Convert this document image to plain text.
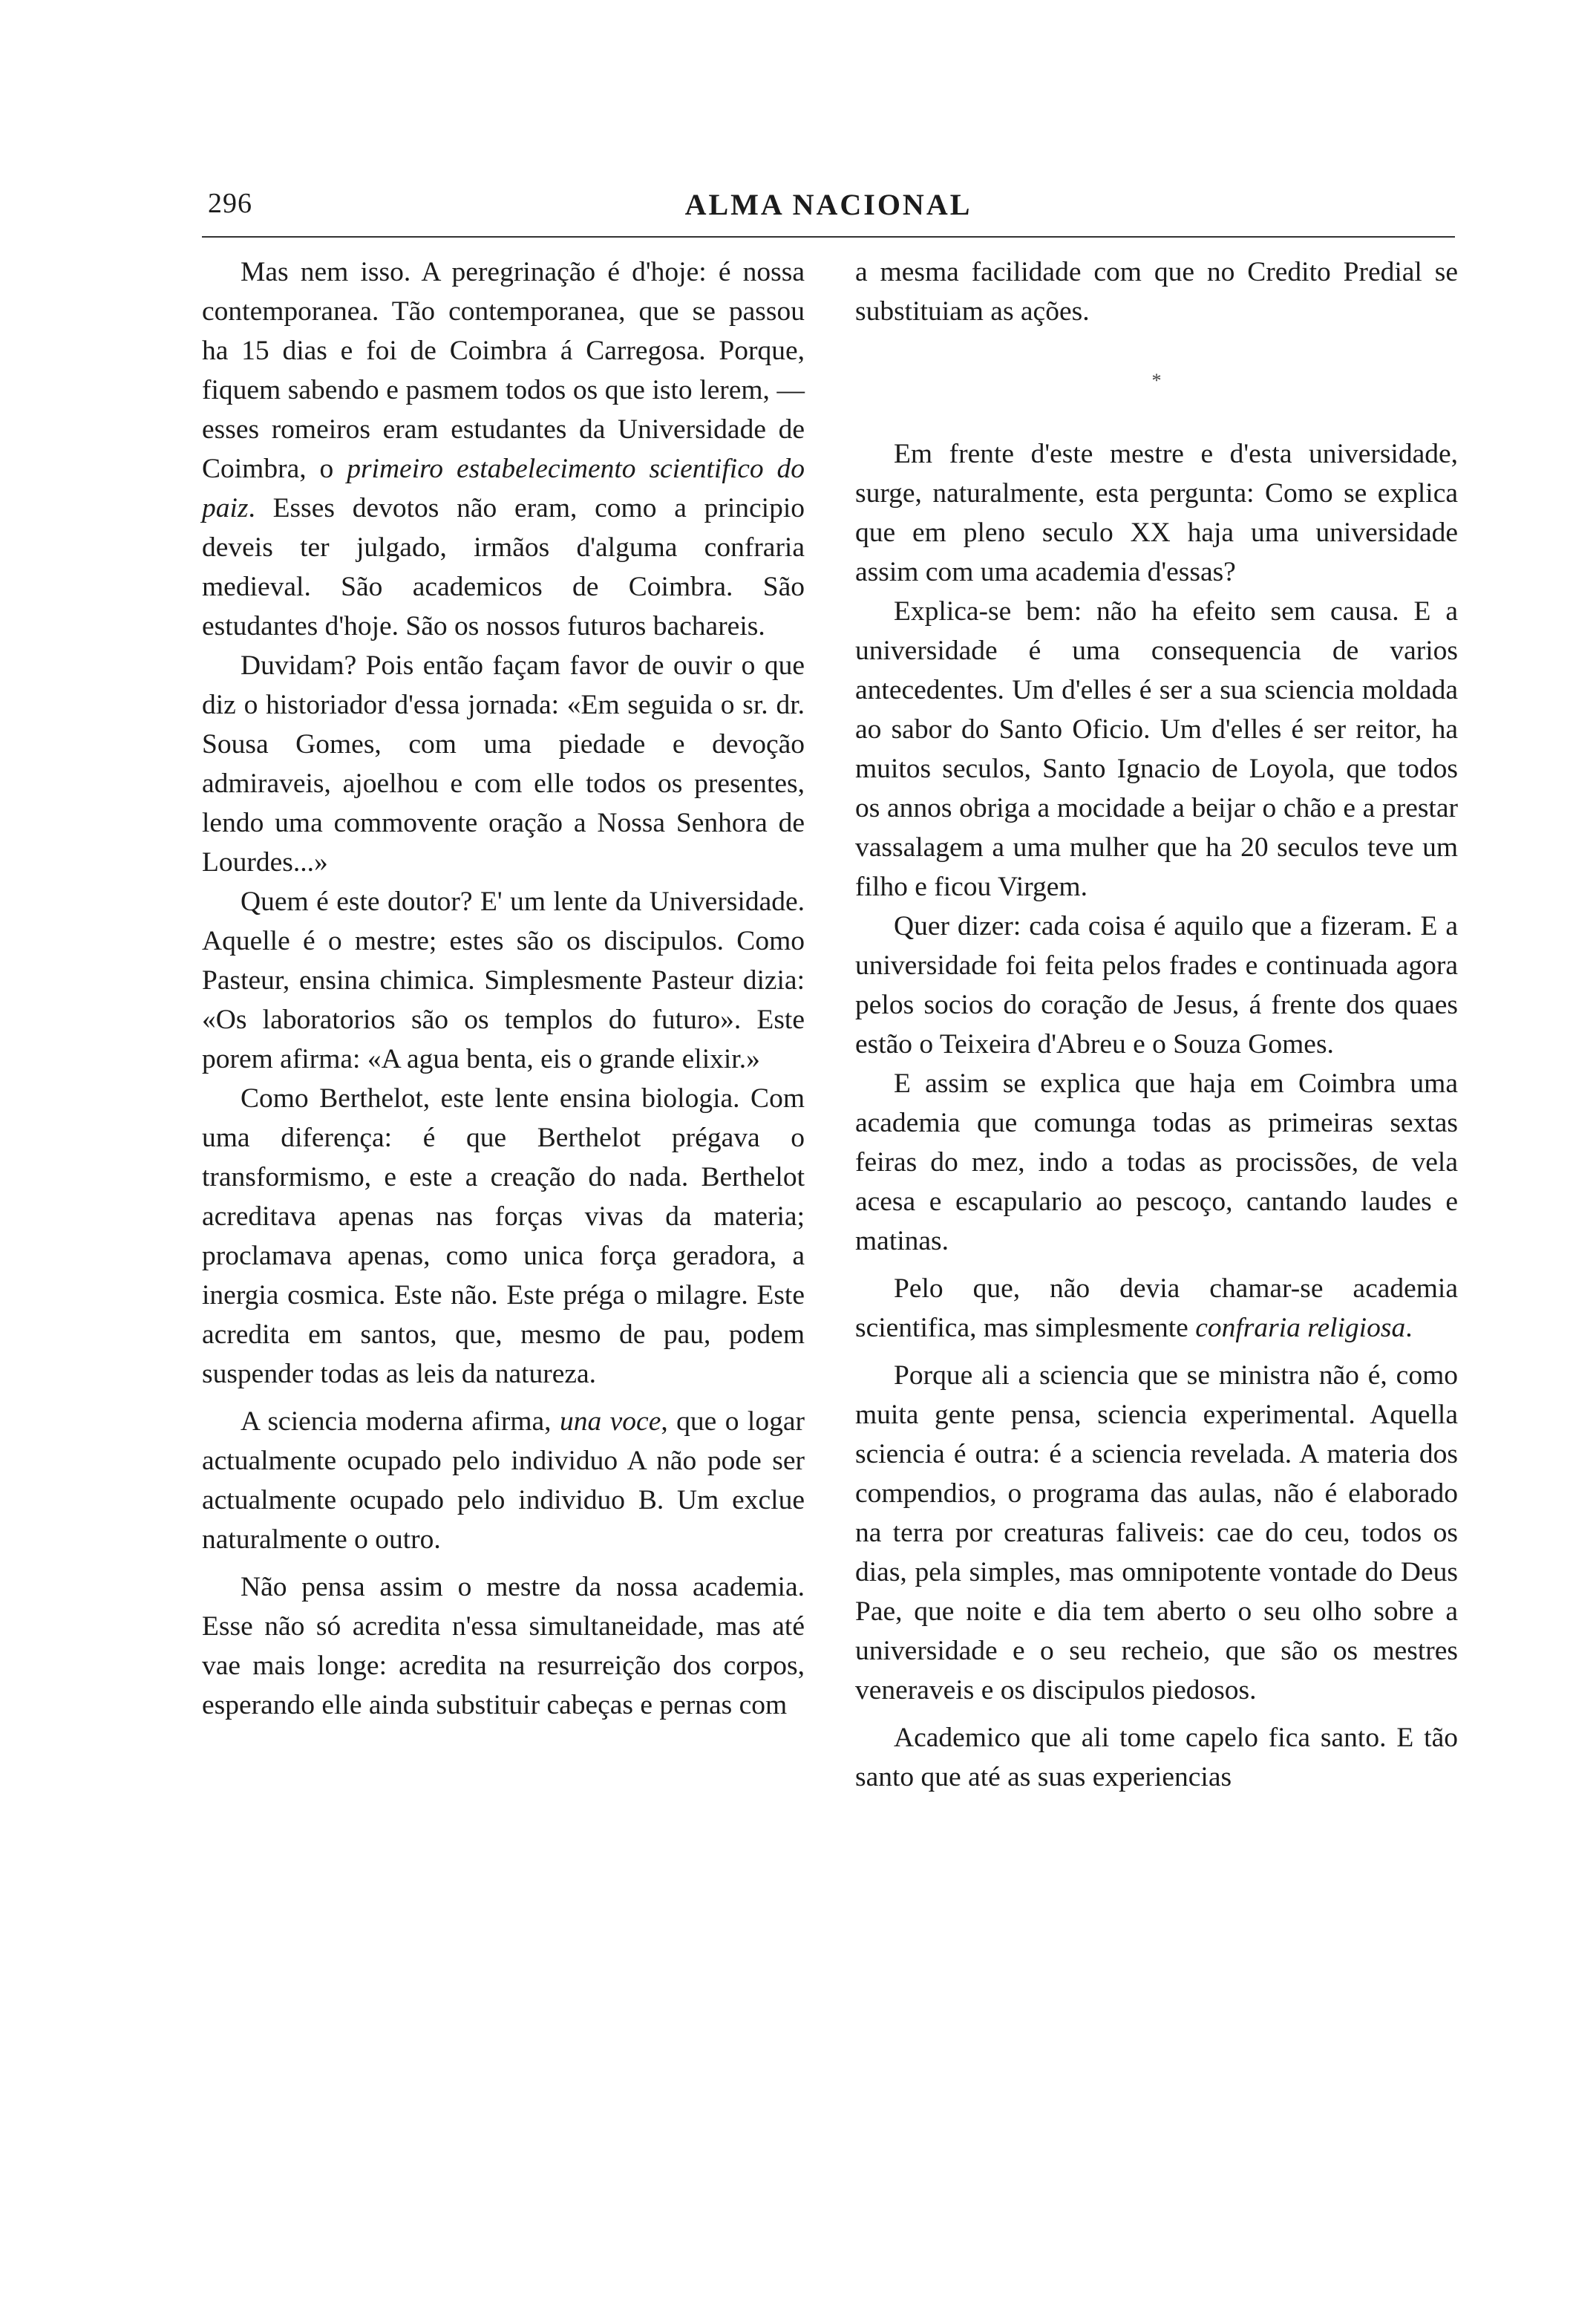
296	ALMA NACIONAL

Mas nem isso. A peregrinação é d'hoje: é nossa contemporanea. Tão contemporanea, que se passou ha 15 dias e foi de Coimbra á Carregosa. Porque, fiquem sabendo e pasmem todos os que isto lerem, — esses romeiros eram estudantes da Universidade de Coimbra, o primeiro estabelecimento scientifico do paiz. Esses devotos não eram, como a principio deveis ter julgado, irmãos d'alguma confraria medieval. São academicos de Coimbra. São estudantes d'hoje. São os nossos futuros bachareis.

Duvidam? Pois então façam favor de ouvir o que diz o historiador d'essa jornada: «Em seguida o sr. dr. Sousa Gomes, com uma piedade e devoção admiraveis, ajoelhou e com elle todos os presentes, lendo uma commovente oração a Nossa Senhora de Lourdes...»

Quem é este doutor? E' um lente da Universidade. Aquelle é o mestre; estes são os discipulos. Como Pasteur, ensina chimica. Simplesmente Pasteur dizia: «Os laboratorios são os templos do futuro». Este porem afirma: «A agua benta, eis o grande elixir.»

Como Berthelot, este lente ensina biologia. Com uma diferença: é que Berthelot prégava o transformismo, e este a creação do nada. Berthelot acreditava apenas nas forças vivas da materia; proclamava apenas, como unica força geradora, a inergia cosmica. Este não. Este préga o milagre. Este acredita em santos, que, mesmo de pau, podem suspender todas as leis da natureza.

A sciencia moderna afirma, una voce, que o logar actualmente ocupado pelo individuo A não pode ser actualmente ocupado pelo individuo B. Um exclue naturalmente o outro.

Não pensa assim o mestre da nossa academia. Esse não só acredita n'essa simultaneidade, mas até vae mais longe: acredita na resurreição dos corpos, esperando elle ainda substituir cabeças e pernas com

a mesma facilidade com que no Credito Predial se substituiam as ações.

*

Em frente d'este mestre e d'esta universidade, surge, naturalmente, esta pergunta: Como se explica que em pleno seculo XX haja uma universidade assim com uma academia d'essas?

Explica-se bem: não ha efeito sem causa. E a universidade é uma consequencia de varios antecedentes. Um d'elles é ser a sua sciencia moldada ao sabor do Santo Oficio. Um d'elles é ser reitor, ha muitos seculos, Santo Ignacio de Loyola, que todos os annos obriga a mocidade a beijar o chão e a prestar vassalagem a uma mulher que ha 20 seculos teve um filho e ficou Virgem.

Quer dizer: cada coisa é aquilo que a fizeram. E a universidade foi feita pelos frades e continuada agora pelos socios do coração de Jesus, á frente dos quaes estão o Teixeira d'Abreu e o Souza Gomes.

E assim se explica que haja em Coimbra uma academia que comunga todas as primeiras sextas feiras do mez, indo a todas as procissões, de vela acesa e escapulario ao pescoço, cantando laudes e matinas.

Pelo que, não devia chamar-se academia scientifica, mas simplesmente confraria religiosa.

Porque ali a sciencia que se ministra não é, como muita gente pensa, sciencia experimental. Aquella sciencia é outra: é a sciencia revelada. A materia dos compendios, o programa das aulas, não é elaborado na terra por creaturas faliveis: cae do ceu, todos os dias, pela simples, mas omnipotente vontade do Deus Pae, que noite e dia tem aberto o seu olho sobre a universidade e o seu recheio, que são os mestres veneraveis e os discipulos piedosos.

Academico que ali tome capelo fica santo. E tão santo que até as suas experiencias
